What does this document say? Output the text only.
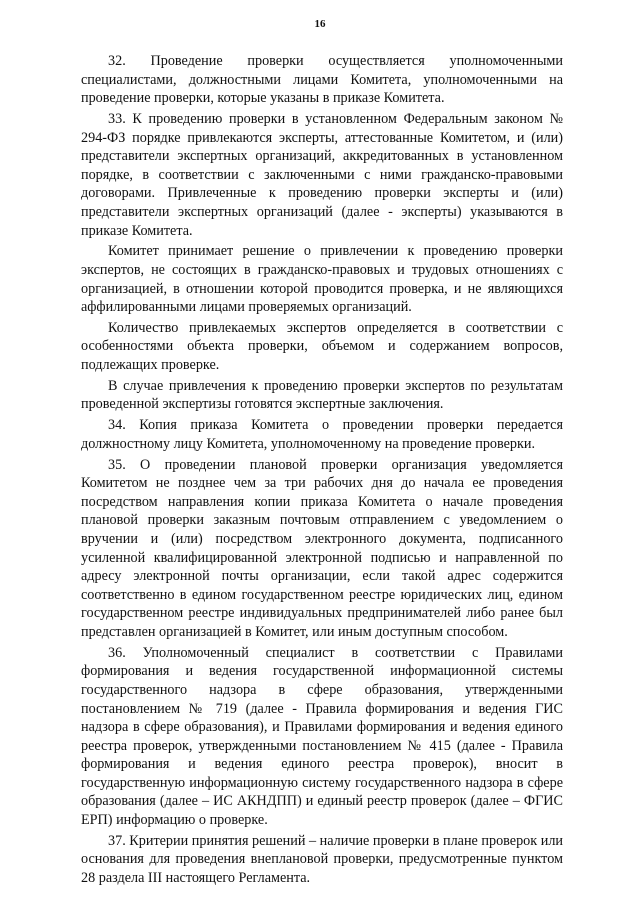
16

32. Проведение проверки осуществляется уполномоченными специалистами, должностными лицами Комитета, уполномоченными на проведение проверки, которые указаны в приказе Комитета.

33. К проведению проверки в установленном Федеральным законом № 294-ФЗ порядке привлекаются эксперты, аттестованные Комитетом, и (или) представители экспертных организаций, аккредитованных в установленном порядке, в соответствии с заключенными с ними гражданско-правовыми договорами. Привлеченные к проведению проверки эксперты и (или) представители экспертных организаций (далее - эксперты) указываются в приказе Комитета.

Комитет принимает решение о привлечении к проведению проверки экспертов, не состоящих в гражданско-правовых и трудовых отношениях с организацией, в отношении которой проводится проверка, и не являющихся аффилированными лицами проверяемых организаций.

Количество привлекаемых экспертов определяется в соответствии с особенностями объекта проверки, объемом и содержанием вопросов, подлежащих проверке.

В случае привлечения к проведению проверки экспертов по результатам проведенной экспертизы готовятся экспертные заключения.

34. Копия приказа Комитета о проведении проверки передается должностному лицу Комитета, уполномоченному на проведение проверки.

35. О проведении плановой проверки организация уведомляется Комитетом не позднее чем за три рабочих дня до начала ее проведения посредством направления копии приказа Комитета о начале проведения плановой проверки заказным почтовым отправлением с уведомлением о вручении и (или) посредством электронного документа, подписанного усиленной квалифицированной электронной подписью и направленной по адресу электронной почты организации, если такой адрес содержится соответственно в едином государственном реестре юридических лиц, едином государственном реестре индивидуальных предпринимателей либо ранее был представлен организацией в Комитет, или иным доступным способом.

36. Уполномоченный специалист в соответствии с Правилами формирования и ведения государственной информационной системы государственного надзора в сфере образования, утвержденными постановлением № 719 (далее - Правила формирования и ведения ГИС надзора в сфере образования), и Правилами формирования и ведения единого реестра проверок, утвержденными постановлением № 415 (далее - Правила формирования и ведения единого реестра проверок), вносит в государственную информационную систему государственного надзора в сфере образования (далее – ИС АКНДПП) и единый реестр проверок (далее – ФГИС ЕРП) информацию о проверке.

37. Критерии принятия решений – наличие проверки в плане проверок или основания для проведения внеплановой проверки, предусмотренные пунктом 28 раздела III настоящего Регламента.
